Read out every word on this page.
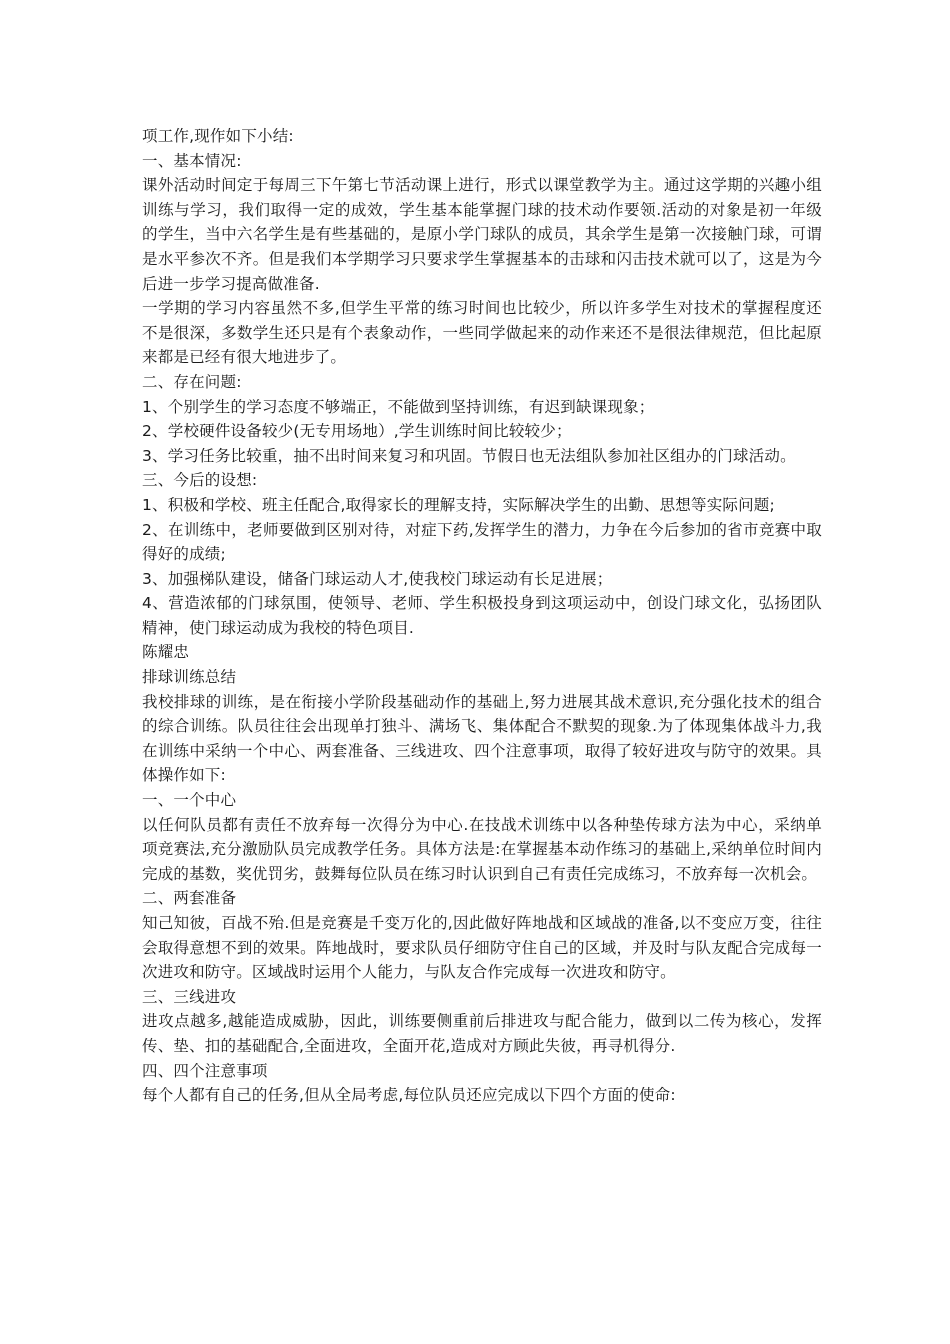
项工作,现作如下小结:

一、基本情况:

课外活动时间定于每周三下午第七节活动课上进行，形式以课堂教学为主。通过这学期的兴趣小组训练与学习，我们取得一定的成效，学生基本能掌握门球的技术动作要领.活动的对象是初一年级的学生，当中六名学生是有些基础的，是原小学门球队的成员，其余学生是第一次接触门球，可谓是水平参次不齐。但是我们本学期学习只要求学生掌握基本的击球和闪击技术就可以了，这是为今后进一步学习提高做准备.

一学期的学习内容虽然不多,但学生平常的练习时间也比较少，所以许多学生对技术的掌握程度还不是很深，多数学生还只是有个表象动作，一些同学做起来的动作来还不是很法律规范，但比起原来都是已经有很大地进步了。

二、存在问题:

1、个别学生的学习态度不够端正，不能做到坚持训练，有迟到缺课现象；

2、学校硬件设备较少(无专用场地）,学生训练时间比较较少；

3、学习任务比较重，抽不出时间来复习和巩固。节假日也无法组队参加社区组办的门球活动。

三、今后的设想:

1、积极和学校、班主任配合,取得家长的理解支持，实际解决学生的出勤、思想等实际问题;

2、在训练中，老师要做到区别对待，对症下药,发挥学生的潜力，力争在今后参加的省市竞赛中取得好的成绩;

3、加强梯队建设，储备门球运动人才,使我校门球运动有长足进展；

4、营造浓郁的门球氛围，使领导、老师、学生积极投身到这项运动中，创设门球文化，弘扬团队精神，使门球运动成为我校的特色项目.

陈耀忠

排球训练总结

我校排球的训练，是在衔接小学阶段基础动作的基础上,努力进展其战术意识,充分强化技术的组合的综合训练。队员往往会出现单打独斗、满场飞、集体配合不默契的现象.为了体现集体战斗力,我在训练中采纳一个中心、两套准备、三线进攻、四个注意事项，取得了较好进攻与防守的效果。具体操作如下:

一、一个中心

以任何队员都有责任不放弃每一次得分为中心.在技战术训练中以各种垫传球方法为中心，采纳单项竞赛法,充分激励队员完成教学任务。具体方法是:在掌握基本动作练习的基础上,采纳单位时间内完成的基数，奖优罚劣，鼓舞每位队员在练习时认识到自己有责任完成练习，不放弃每一次机会。

二、两套准备

知己知彼，百战不殆.但是竞赛是千变万化的,因此做好阵地战和区域战的准备,以不变应万变，往往会取得意想不到的效果。阵地战时，要求队员仔细防守住自己的区域，并及时与队友配合完成每一次进攻和防守。区域战时运用个人能力，与队友合作完成每一次进攻和防守。

三、三线进攻

进攻点越多,越能造成威胁，因此，训练要侧重前后排进攻与配合能力，做到以二传为核心，发挥传、垫、扣的基础配合,全面进攻，全面开花,造成对方顾此失彼，再寻机得分.

四、四个注意事项

每个人都有自己的任务,但从全局考虑,每位队员还应完成以下四个方面的使命:
